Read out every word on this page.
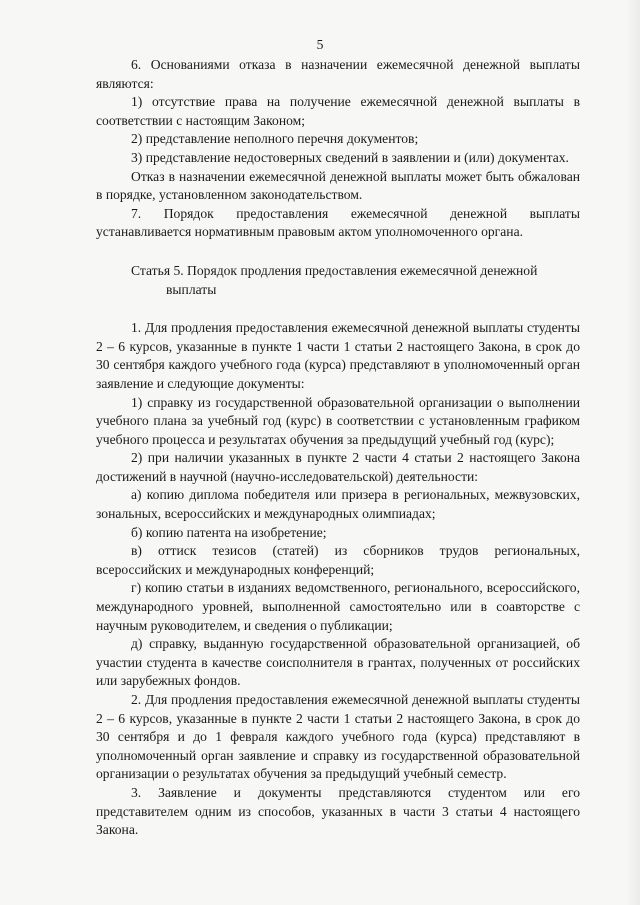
5

6. Основаниями отказа в назначении ежемесячной денежной выплаты являются:

1) отсутствие права на получение ежемесячной денежной выплаты в соответствии с настоящим Законом;

2) представление неполного перечня документов;

3) представление недостоверных сведений в заявлении и (или) документах.

Отказ в назначении ежемесячной денежной выплаты может быть обжалован в порядке, установленном законодательством.

7. Порядок предоставления ежемесячной денежной выплаты устанавливается нормативным правовым актом уполномоченного органа.

Статья 5. Порядок продления предоставления ежемесячной денежной выплаты

1. Для продления предоставления ежемесячной денежной выплаты студенты 2 – 6 курсов, указанные в пункте 1 части 1 статьи 2 настоящего Закона, в срок до 30 сентября каждого учебного года (курса) представляют в уполномоченный орган заявление и следующие документы:

1) справку из государственной образовательной организации о выполнении учебного плана за учебный год (курс) в соответствии с установленным графиком учебного процесса и результатах обучения за предыдущий учебный год (курс);

2) при наличии указанных в пункте 2 части 4 статьи 2 настоящего Закона достижений в научной (научно-исследовательской) деятельности:

а) копию диплома победителя или призера в региональных, межвузовских, зональных, всероссийских и международных олимпиадах;

б) копию патента на изобретение;

в) оттиск тезисов (статей) из сборников трудов региональных, всероссийских и международных конференций;

г) копию статьи в изданиях ведомственного, регионального, всероссийского, международного уровней, выполненной самостоятельно или в соавторстве с научным руководителем, и сведения о публикации;

д) справку, выданную государственной образовательной организацией, об участии студента в качестве соисполнителя в грантах, полученных от российских или зарубежных фондов.

2. Для продления предоставления ежемесячной денежной выплаты студенты 2 – 6 курсов, указанные в пункте 2 части 1 статьи 2 настоящего Закона, в срок до 30 сентября и до 1 февраля каждого учебного года (курса) представляют в уполномоченный орган заявление и справку из государственной образовательной организации о результатах обучения за предыдущий учебный семестр.

3. Заявление и документы представляются студентом или его представителем одним из способов, указанных в части 3 статьи 4 настоящего Закона.
